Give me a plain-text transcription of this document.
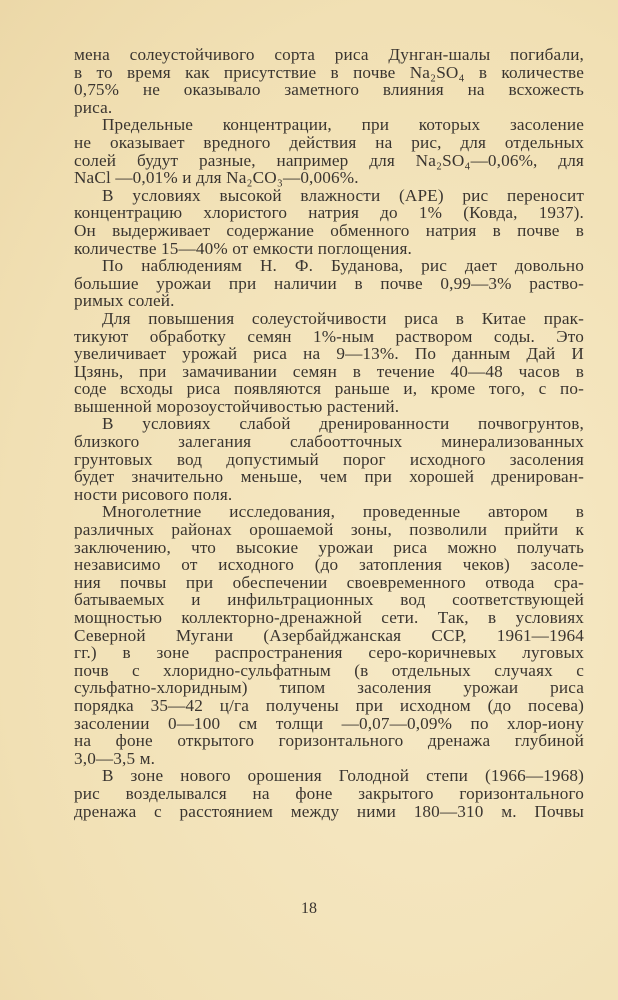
мена солеустойчивого сорта риса Дунган-шалы погибали,
в то время как присутствие в почве Na₂SO₄ в количестве
0,75% не оказывало заметного влияния на всхожесть
риса.
Предельные концентрации, при которых засоление
не оказывает вредного действия на рис, для отдельных
солей будут разные, например для Na₂SO₄—0,06%, для
NaCl —0,01% и для Na₂CO₃—0,006%.
В условиях высокой влажности (АРЕ) рис переносит
концентрацию хлористого натрия до 1% (Ковда, 1937).
Он выдерживает содержание обменного натрия в почве в
количестве 15—40% от емкости поглощения.
По наблюдениям Н. Ф. Буданова, рис дает довольно
большие урожаи при наличии в почве 0,99—3% раство-
римых солей.
Для повышения солеустойчивости риса в Китае прак-
тикуют обработку семян 1%-ным раствором соды. Это
увеличивает урожай риса на 9—13%. По данным Дай И
Цзянь, при замачивании семян в течение 40—48 часов в
соде всходы риса появляются раньше и, кроме того, с по-
вышенной морозоустойчивостью растений.
В условиях слабой дренированности почвогрунтов,
близкого залегания слабоотточных минерализованных
грунтовых вод допустимый порог исходного засоления
будет значительно меньше, чем при хорошей дренирован-
ности рисового поля.
Многолетние исследования, проведенные автором в
различных районах орошаемой зоны, позволили прийти к
заключению, что высокие урожаи риса можно получать
независимо от исходного (до затопления чеков) засоле-
ния почвы при обеспечении своевременного отвода сра-
батываемых и инфильтрационных вод соответствующей
мощностью коллекторно-дренажной сети. Так, в условиях
Северной Мугани (Азербайджанская ССР, 1961—1964
гг.) в зоне распространения серо-коричневых луговых
почв с хлоридно-сульфатным (в отдельных случаях с
сульфатно-хлоридным) типом засоления урожаи риса
порядка 35—42 ц/га получены при исходном (до посева)
засолении 0—100 см толщи —0,07—0,09% по хлор-иону
на фоне открытого горизонтального дренажа глубиной
3,0—3,5 м.
В зоне нового орошения Голодной степи (1966—1968)
рис возделывался на фоне закрытого горизонтального
дренажа с расстоянием между ними 180—310 м. Почвы
18
